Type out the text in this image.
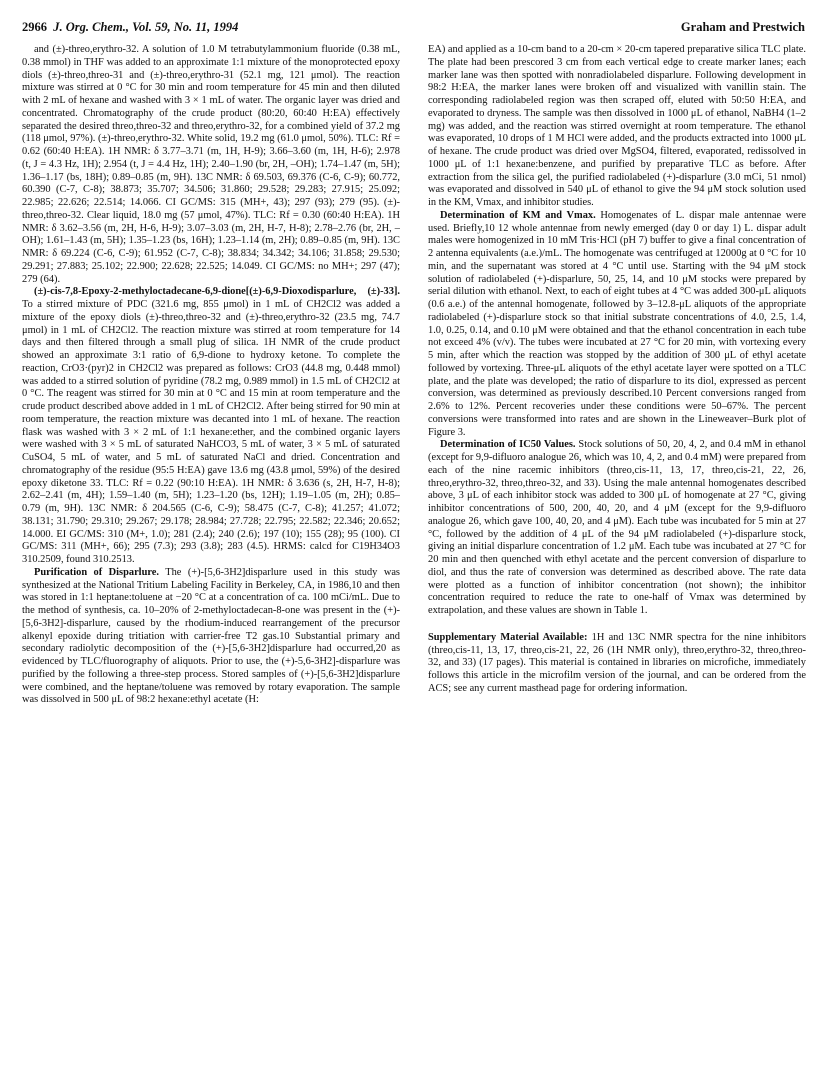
2966 J. Org. Chem., Vol. 59, No. 11, 1994	Graham and Prestwich

and (±)-threo,erythro-32. A solution of 1.0 M tetrabutylammonium fluoride (0.38 mL, 0.38 mmol) in THF was added to an approximate 1:1 mixture of the monoprotected epoxy diols (±)-threo,threo-31 and (±)-threo,erythro-31 (52.1 mg, 121 μmol). The reaction mixture was stirred at 0 °C for 30 min and room temperature for 45 min and then diluted with 2 mL of hexane and washed with 3 × 1 mL of water. The organic layer was dried and concentrated. Chromatography of the crude product (80:20, 60:40 H:EA) effectively separated the desired threo,threo-32 and threo,erythro-32, for a combined yield of 37.2 mg (118 μmol, 97%). (±)-threo,erythro-32. White solid, 19.2 mg (61.0 μmol, 50%). TLC: Rf = 0.62 (60:40 H:EA). 1H NMR: δ 3.77–3.71 (m, 1H, H-9); 3.66–3.60 (m, 1H, H-6); 2.978 (t, J = 4.3 Hz, 1H); 2.954 (t, J = 4.4 Hz, 1H); 2.40–1.90 (br, 2H, –OH); 1.74–1.47 (m, 5H); 1.36–1.17 (bs, 18H); 0.89–0.85 (m, 9H). 13C NMR: δ 69.503, 69.376 (C-6, C-9); 60.772, 60.390 (C-7, C-8); 38.873; 35.707; 34.506; 31.860; 29.528; 29.283; 27.915; 25.092; 22.985; 22.626; 22.514; 14.066. CI GC/MS: 315 (MH+, 43); 297 (93); 279 (95). (±)-threo,threo-32. Clear liquid, 18.0 mg (57 μmol, 47%). TLC: Rf = 0.30 (60:40 H:EA). 1H NMR: δ 3.62–3.56 (m, 2H, H-6, H-9); 3.07–3.03 (m, 2H, H-7, H-8); 2.78–2.76 (br, 2H, –OH); 1.61–1.43 (m, 5H); 1.35–1.23 (bs, 16H); 1.23–1.14 (m, 2H); 0.89–0.85 (m, 9H). 13C NMR: δ 69.224 (C-6, C-9); 61.952 (C-7, C-8); 38.834; 34.342; 34.106; 31.858; 29.530; 29.291; 27.883; 25.102; 22.900; 22.628; 22.525; 14.049. CI GC/MS: no MH+; 297 (47); 279 (64).

(±)-cis-7,8-Epoxy-2-methyloctadecane-6,9-dione[(±)-6,9-Dioxodisparlure, (±)-33]. To a stirred mixture of PDC (321.6 mg, 855 μmol) in 1 mL of CH2Cl2 was added a mixture of the epoxy diols (±)-threo,threo-32 and (±)-threo,erythro-32 (23.5 mg, 74.7 μmol) in 1 mL of CH2Cl2. The reaction mixture was stirred at room temperature for 14 days and then filtered through a small plug of silica. 1H NMR of the crude product showed an approximate 3:1 ratio of 6,9-dione to hydroxy ketone. To complete the reaction, CrO3·(pyr)2 in CH2Cl2 was prepared as follows: CrO3 (44.8 mg, 0.448 mmol) was added to a stirred solution of pyridine (78.2 mg, 0.989 mmol) in 1.5 mL of CH2Cl2 at 0 °C. The reagent was stirred for 30 min at 0 °C and 15 min at room temperature and the crude product described above added in 1 mL of CH2Cl2. After being stirred for 90 min at room temperature, the reaction mixture was decanted into 1 mL of hexane. The reaction flask was washed with 3 × 2 mL of 1:1 hexane:ether, and the combined organic layers were washed with 3 × 5 mL of saturated NaHCO3, 5 mL of water, 3 × 5 mL of saturated CuSO4, 5 mL of water, and 5 mL of saturated NaCl and dried. Concentration and chromatography of the residue (95:5 H:EA) gave 13.6 mg (43.8 μmol, 59%) of the desired epoxy diketone 33. TLC: Rf = 0.22 (90:10 H:EA). 1H NMR: δ 3.636 (s, 2H, H-7, H-8); 2.62–2.41 (m, 4H); 1.59–1.40 (m, 5H); 1.23–1.20 (bs, 12H); 1.19–1.05 (m, 2H); 0.85–0.79 (m, 9H). 13C NMR: δ 204.565 (C-6, C-9); 58.475 (C-7, C-8); 41.257; 41.072; 38.131; 31.790; 29.310; 29.267; 29.178; 28.984; 27.728; 22.795; 22.582; 22.346; 20.652; 14.000. EI GC/MS: 310 (M+, 1.0); 281 (2.4); 240 (2.6); 197 (10); 155 (28); 95 (100). CI GC/MS: 311 (MH+, 66); 295 (7.3); 293 (3.8); 283 (4.5). HRMS: calcd for C19H34O3 310.2509, found 310.2513.

Purification of Disparlure. The (+)-[5,6-3H2]disparlure used in this study was synthesized at the National Tritium Labeling Facility in Berkeley, CA, in 1986,10 and then was stored in 1:1 heptane:toluene at −20 °C at a concentration of ca. 100 mCi/mL. Due to the method of synthesis, ca. 10–20% of 2-methyloctadecan-8-one was present in the (+)-[5,6-3H2]-disparlure, caused by the rhodium-induced rearrangement of the precursor alkenyl epoxide during tritiation with carrier-free T2 gas.10 Substantial primary and secondary radiolytic decomposition of the (+)-[5,6-3H2]disparlure had occurred,20 as evidenced by TLC/fluorography of aliquots. Prior to use, the (+)-5,6-3H2]-disparlure was purified by the following a three-step process. Stored samples of (+)-[5,6-3H2]disparlure were combined, and the heptane/toluene was removed by rotary evaporation. The sample was dissolved in 500 μL of 98:2 hexane:ethyl acetate (H:

EA) and applied as a 10-cm band to a 20-cm × 20-cm tapered preparative silica TLC plate. The plate had been prescored 3 cm from each vertical edge to create marker lanes; each marker lane was then spotted with nonradiolabeled disparlure. Following development in 98:2 H:EA, the marker lanes were broken off and visualized with vanillin stain. The corresponding radiolabeled region was then scraped off, eluted with 50:50 H:EA, and evaporated to dryness. The sample was then dissolved in 1000 μL of ethanol, NaBH4 (1–2 mg) was added, and the reaction was stirred overnight at room temperature. The ethanol was evaporated, 10 drops of 1 M HCl were added, and the products extracted into 1000 μL of hexane. The crude product was dried over MgSO4, filtered, evaporated, redissolved in 1000 μL of 1:1 hexane:benzene, and purified by preparative TLC as before. After extraction from the silica gel, the purified radiolabeled (+)-disparlure (3.0 mCi, 51 nmol) was evaporated and dissolved in 540 μL of ethanol to give the 94 μM stock solution used in the KM, Vmax, and inhibitor studies.

Determination of KM and Vmax. Homogenates of L. dispar male antennae were used. Briefly,10 12 whole antennae from newly emerged (day 0 or day 1) L. dispar adult males were homogenized in 10 mM Tris·HCl (pH 7) buffer to give a final concentration of 2 antenna equivalents (a.e.)/mL. The homogenate was centrifuged at 12000g at 0 °C for 10 min, and the supernatant was stored at 4 °C until use. Starting with the 94 μM stock solution of radiolabeled (+)-disparlure, 50, 25, 14, and 10 μM stocks were prepared by serial dilution with ethanol. Next, to each of eight tubes at 4 °C was added 300-μL aliquots (0.6 a.e.) of the antennal homogenate, followed by 3–12.8-μL aliquots of the appropriate radiolabeled (+)-disparlure stock so that initial substrate concentrations of 4.0, 2.5, 1.4, 1.0, 0.25, 0.14, and 0.10 μM were obtained and that the ethanol concentration in each tube not exceed 4% (v/v). The tubes were incubated at 27 °C for 20 min, with vortexing every 5 min, after which the reaction was stopped by the addition of 300 μL of ethyl acetate followed by vortexing. Three-μL aliquots of the ethyl acetate layer were spotted on a TLC plate, and the plate was developed; the ratio of disparlure to its diol, expressed as percent conversion, was determined as previously described.10 Percent conversions ranged from 2.6% to 12%. Percent recoveries under these conditions were 50–67%. The percent conversions were transformed into rates and are shown in the Lineweaver–Burk plot of Figure 3.

Determination of IC50 Values. Stock solutions of 50, 20, 4, 2, and 0.4 mM in ethanol (except for 9,9-difluoro analogue 26, which was 10, 4, 2, and 0.4 mM) were prepared from each of the nine racemic inhibitors (threo,cis-11, 13, 17, threo,cis-21, 22, 26, threo,erythro-32, threo,threo-32, and 33). Using the male antennal homogenates described above, 3 μL of each inhibitor stock was added to 300 μL of homogenate at 27 °C, giving inhibitor concentrations of 500, 200, 40, 20, and 4 μM (except for the 9,9-difluoro analogue 26, which gave 100, 40, 20, and 4 μM). Each tube was incubated for 5 min at 27 °C, followed by the addition of 4 μL of the 94 μM radiolabeled (+)-disparlure stock, giving an initial disparlure concentration of 1.2 μM. Each tube was incubated at 27 °C for 20 min and then quenched with ethyl acetate and the percent conversion of disparlure to diol, and thus the rate of conversion was determined as described above. The rate data were plotted as a function of inhibitor concentration (not shown); the inhibitor concentration required to reduce the rate to one-half of Vmax was determined by extrapolation, and these values are shown in Table 1.

Supplementary Material Available: 1H and 13C NMR spectra for the nine inhibitors (threo,cis-11, 13, 17, threo,cis-21, 22, 26 (1H NMR only), threo,erythro-32, threo,threo-32, and 33) (17 pages). This material is contained in libraries on microfiche, immediately follows this article in the microfilm version of the journal, and can be ordered from the ACS; see any current masthead page for ordering information.
